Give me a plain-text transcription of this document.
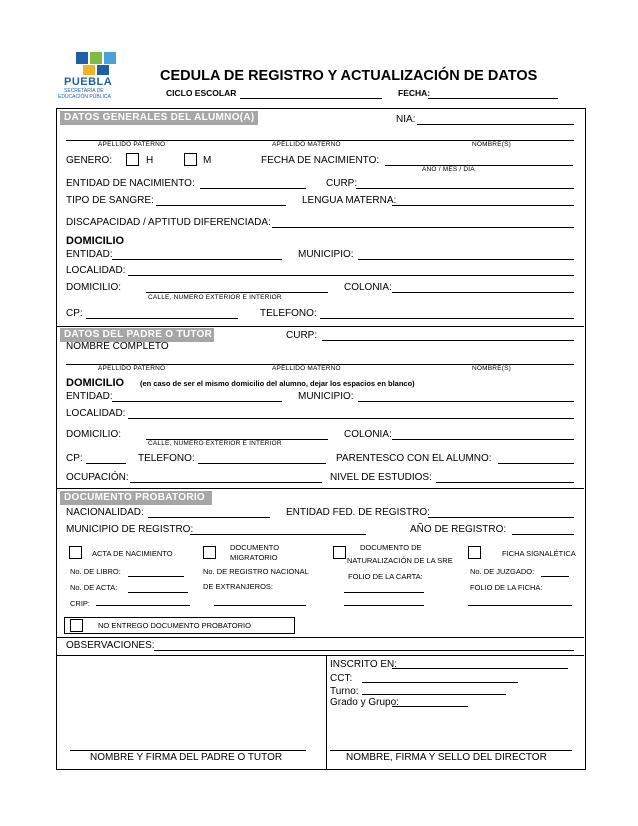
PUEBLA
SECRETARÍA DE
EDUCACIÓN PÚBLICA
CEDULA DE REGISTRO Y ACTUALIZACIÓN DE DATOS
CICLO ESCOLAR	FECHA:
DATOS GENERALES DEL ALUMNO(A)	NIA:
APELLIDO PATERNO	APELLIDO MATERNO	NOMBRE(S)
GENERO:	H	M	FECHA DE NACIMIENTO:
AÑO / MES / DÍA
ENTIDAD DE NACIMIENTO:	CURP:
TIPO DE SANGRE:	LENGUA MATERNA:
DISCAPACIDAD / APTITUD DIFERENCIADA:
DOMICILIO
ENTIDAD:	MUNICIPIO:
LOCALIDAD:
DOMICILIO:	COLONIA:
CALLE, NUMERO EXTERIOR E INTERIOR
CP:	TELEFONO:
DATOS DEL PADRE O TUTOR	CURP:
NOMBRE COMPLETO
APELLIDO PATERNO	APELLIDO MATERNO	NOMBRE(S)
DOMICILIO (en caso de ser el mismo domicilio del alumno, dejar los espacios en blanco)
ENTIDAD:	MUNICIPIO:
LOCALIDAD:
DOMICILIO:	COLONIA:
CALLE, NUMERO EXTERIOR E INTERIOR
CP:	TELEFONO:	PARENTESCO CON EL ALUMNO:
OCUPACIÓN:	NIVEL DE ESTUDIOS:
DOCUMENTO PROBATORIO
NACIONALIDAD:	ENTIDAD FED. DE REGISTRO:
MUNICIPIO DE REGISTRO:	AÑO DE REGISTRO:
ACTA DE NACIMIENTO
No. DE LIBRO:
No. DE ACTA:
CRIP:
DOCUMENTO
MIGRATORIO
No. DE REGISTRO NACIONAL
DE EXTRANJEROS:
DOCUMENTO DE
NATURALIZACIÓN DE LA SRE
FOLIO DE LA CARTA:
FICHA SIGNALÉTICA
No. DE JUZGADO:
FOLIO DE LA FICHA:
NO ENTREGO DOCUMENTO PROBATORIO
OBSERVACIONES:
INSCRITO EN:
CCT:
Turno:
Grado y Grupo:
NOMBRE Y FIRMA DEL PADRE O TUTOR	NOMBRE, FIRMA Y SELLO DEL DIRECTOR
